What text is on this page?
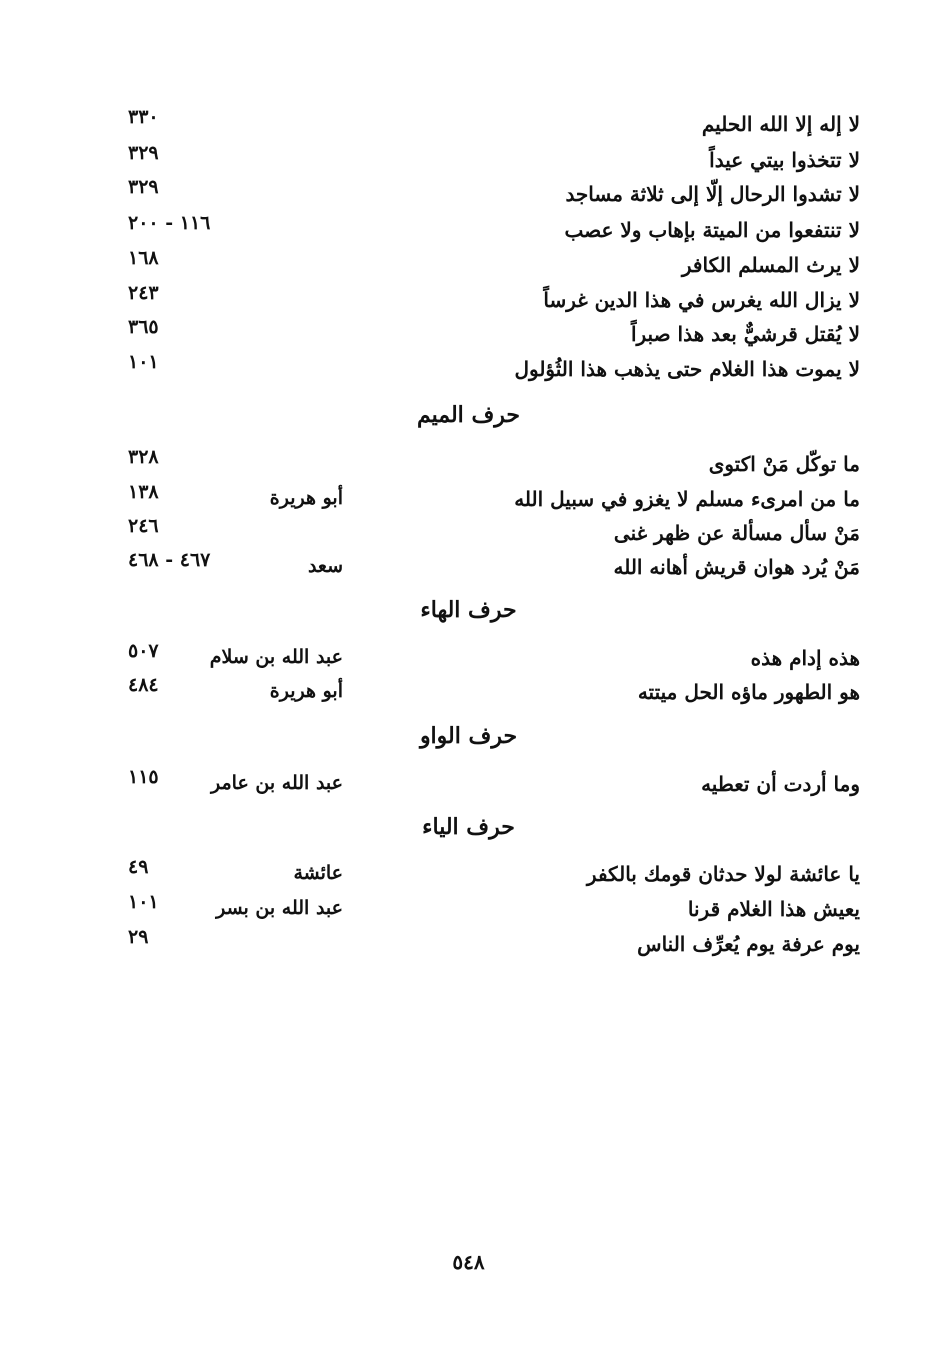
لا إله إلا الله الحليم
٣٣٠
لا تتخذوا بيتي عيداً
٣٢٩
لا تشدوا الرحال إلّا إلى ثلاثة مساجد
٣٢٩
لا تنتفعوا من الميتة بإهاب ولا عصب
١١٦ - ٢٠٠
لا يرث المسلم الكافر
١٦٨
لا يزال الله يغرس في هذا الدين غرساً
٢٤٣
لا يُقتل قرشيٌّ بعد هذا صبراً
٣٦٥
لا يموت هذا الغلام حتى يذهب هذا الثُؤلول
١٠١
حرف الميم
ما توكّل مَنْ اكتوى
٣٢٨
ما من امرىء مسلم لا يغزو في سبيل الله
أبو هريرة
١٣٨
مَنْ سأل مسألة عن ظهر غنى
٢٤٦
مَنْ يُرد هوان قريش أهانه الله
سعد
٤٦٧ - ٤٦٨
حرف الهاء
هذه إدام هذه
عبد الله بن سلام
٥٠٧
هو الطهور ماؤه الحل ميتته
أبو هريرة
٤٨٤
حرف الواو
وما أردت أن تعطيه
عبد الله بن عامر
١١٥
حرف الياء
يا عائشة لولا حدثان قومك بالكفر
عائشة
٤٩
يعيش هذا الغلام قرنا
عبد الله بن بسر
١٠١
يوم عرفة يوم يُعرِّف الناس
٢٩
٥٤٨
